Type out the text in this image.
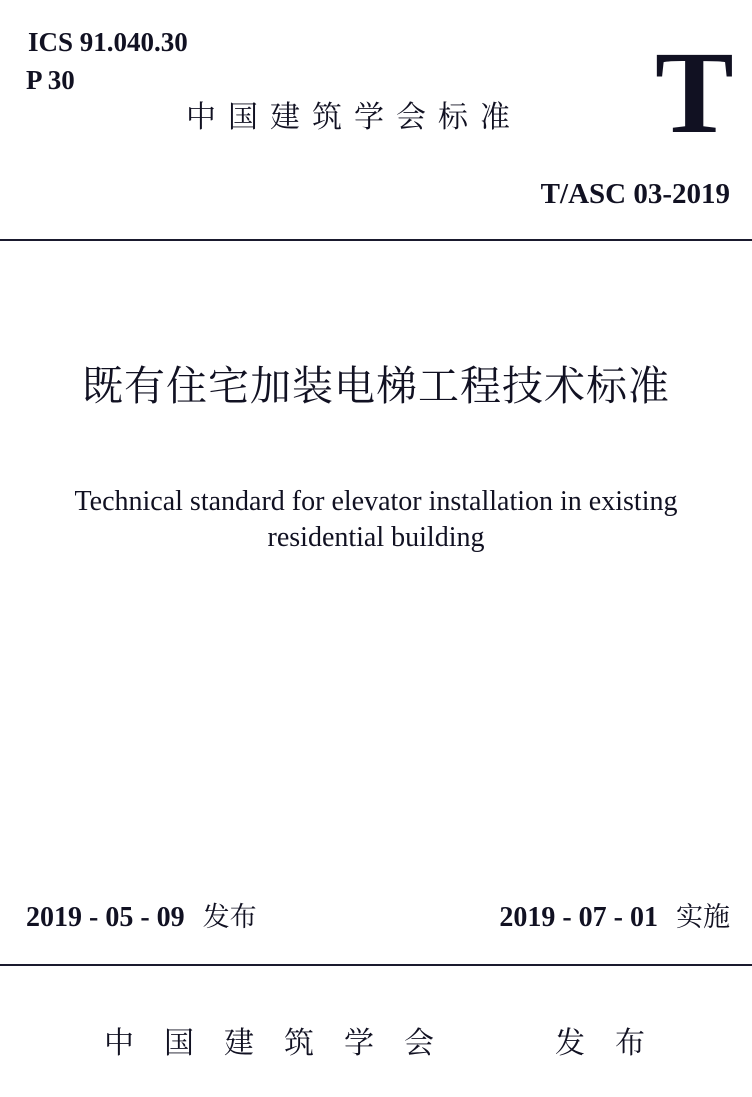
ICS 91.040.30
P 30
中国建筑学会标准 T
T/ASC 03-2019
既有住宅加装电梯工程技术标准
Technical standard for elevator installation in existing
residential building
2019 - 05 - 09 发布	2019 - 07 - 01 实施
中国建筑学会	发布
